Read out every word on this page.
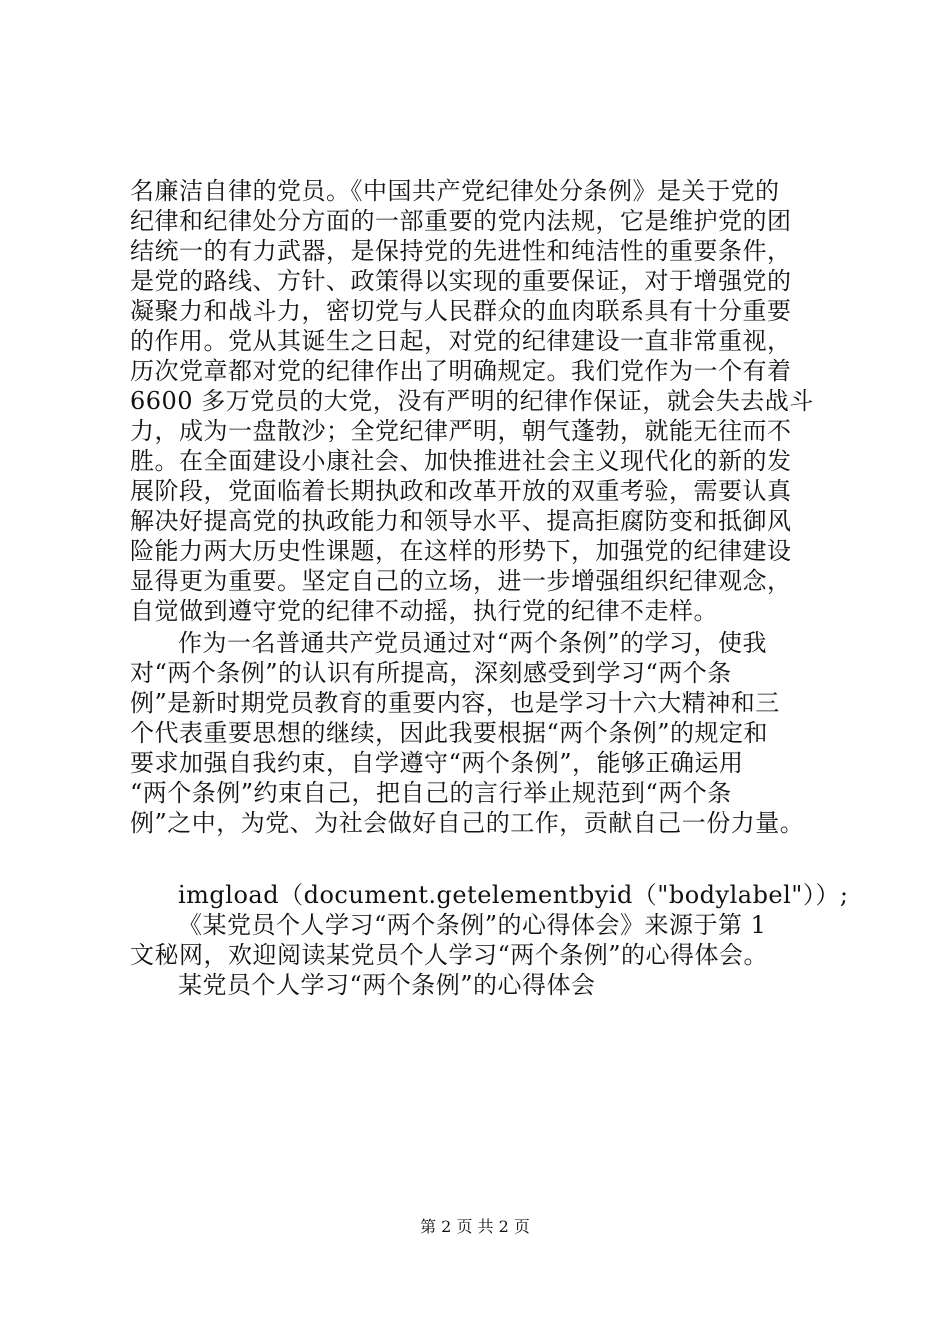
名廉洁自律的党员。《中国共产党纪律处分条例》是关于党的
纪律和纪律处分方面的一部重要的党内法规，它是维护党的团
结统一的有力武器，是保持党的先进性和纯洁性的重要条件，
是党的路线、方针、政策得以实现的重要保证，对于增强党的
凝聚力和战斗力，密切党与人民群众的血肉联系具有十分重要
的作用。党从其诞生之日起，对党的纪律建设一直非常重视，
历次党章都对党的纪律作出了明确规定。我们党作为一个有着
6600 多万党员的大党，没有严明的纪律作保证，就会失去战斗
力，成为一盘散沙；全党纪律严明，朝气蓬勃，就能无往而不
胜。在全面建设小康社会、加快推进社会主义现代化的新的发
展阶段，党面临着长期执政和改革开放的双重考验，需要认真
解决好提高党的执政能力和领导水平、提高拒腐防变和抵御风
险能力两大历史性课题，在这样的形势下，加强党的纪律建设
显得更为重要。坚定自己的立场，进一步增强组织纪律观念，
自觉做到遵守党的纪律不动摇，执行党的纪律不走样。
作为一名普通共产党员通过对“两个条例”的学习，使我
对“两个条例”的认识有所提高，深刻感受到学习“两个条
例”是新时期党员教育的重要内容，也是学习十六大精神和三
个代表重要思想的继续，因此我要根据“两个条例”的规定和
要求加强自我约束，自学遵守“两个条例”，能够正确运用
“两个条例”约束自己，把自己的言行举止规范到“两个条
例”之中，为党、为社会做好自己的工作，贡献自己一份力量。
imgload（document.getelementbyid（"bodylabel"））;
《某党员个人学习“两个条例”的心得体会》来源于第 1
文秘网，欢迎阅读某党员个人学习“两个条例”的心得体会。
某党员个人学习“两个条例”的心得体会
第 2 页 共 2 页
